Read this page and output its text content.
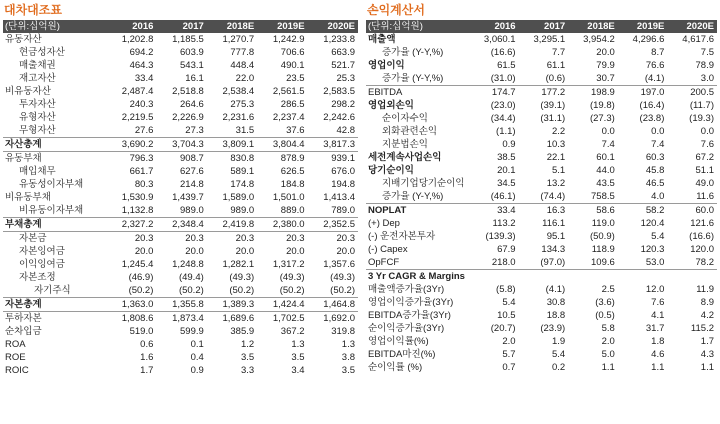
대차대조표
(단위:십억원)	2016	2017	2018E	2019E	2020E
유동자산	1,202.8	1,185.5	1,270.7	1,242.9	1,233.8
현금성자산	694.2	603.9	777.8	706.6	663.9
매출채권	464.3	543.1	448.4	490.1	521.7
재고자산	33.4	16.1	22.0	23.5	25.3
비유동자산	2,487.4	2,518.8	2,538.4	2,561.5	2,583.5
투자자산	240.3	264.6	275.3	286.5	298.2
유형자산	2,219.5	2,226.9	2,231.6	2,237.4	2,242.6
무형자산	27.6	27.3	31.5	37.6	42.8
자산총계	3,690.2	3,704.3	3,809.1	3,804.4	3,817.3
유동부채	796.3	908.7	830.8	878.9	939.1
매입채무	661.7	627.6	589.1	626.5	676.0
유동성이자부채	80.3	214.8	174.8	184.8	194.8
비유동부채	1,530.9	1,439.7	1,589.0	1,501.0	1,413.4
비유동이자부채	1,132.8	989.0	989.0	889.0	789.0
부채총계	2,327.2	2,348.4	2,419.8	2,380.0	2,352.5
자본금	20.3	20.3	20.3	20.3	20.3
자본잉여금	20.0	20.0	20.0	20.0	20.0
이익잉여금	1,245.4	1,248.8	1,282.1	1,317.2	1,357.6
자본조정	(46.9)	(49.4)	(49.3)	(49.3)	(49.3)
자기주식	(50.2)	(50.2)	(50.2)	(50.2)	(50.2)
자본총계	1,363.0	1,355.8	1,389.3	1,424.4	1,464.8
투하자본	1,808.6	1,873.4	1,689.6	1,702.5	1,692.0
순차입금	519.0	599.9	385.9	367.2	319.8
ROA	0.6	0.1	1.2	1.3	1.3
ROE	1.6	0.4	3.5	3.5	3.8
ROIC	1.7	0.9	3.3	3.4	3.5
손익계산서
(단위:십억원)	2016	2017	2018E	2019E	2020E
매출액	3,060.1	3,295.1	3,954.2	4,296.6	4,617.6
증가율 (Y-Y,%)	(16.6)	7.7	20.0	8.7	7.5
영업이익	61.5	61.1	79.9	76.6	78.9
증가율 (Y-Y,%)	(31.0)	(0.6)	30.7	(4.1)	3.0
EBITDA	174.7	177.2	198.9	197.0	200.5
영업외손익	(23.0)	(39.1)	(19.8)	(16.4)	(11.7)
순이자수익	(34.4)	(31.1)	(27.3)	(23.8)	(19.3)
외화관련손익	(1.1)	2.2	0.0	0.0	0.0
지분법손익	0.9	10.3	7.4	7.4	7.6
세전계속사업손익	38.5	22.1	60.1	60.3	67.2
당기순이익	20.1	5.1	44.0	45.8	51.1
지배기업당기순이익	34.5	13.2	43.5	46.5	49.0
증가율 (Y-Y,%)	(46.1)	(74.4)	758.5	4.0	11.6
NOPLAT	33.4	16.3	58.6	58.2	60.0
(+) Dep	113.2	116.1	119.0	120.4	121.6
(-) 운전자본투자	(139.3)	95.1	(50.9)	5.4	(16.6)
(-) Capex	67.9	134.3	118.9	120.3	120.0
OpFCF	218.0	(97.0)	109.6	53.0	78.2
3 Yr CAGR & Margins					
매출액증가율(3Yr)	(5.8)	(4.1)	2.5	12.0	11.9
영업이익증가율(3Yr)	5.4	30.8	(3.6)	7.6	8.9
EBITDA증가율(3Yr)	10.5	18.8	(0.5)	4.1	4.2
순이익증가율(3Yr)	(20.7)	(23.9)	5.8	31.7	115.2
영업이익률(%)	2.0	1.9	2.0	1.8	1.7
EBITDA마진(%)	5.7	5.4	5.0	4.6	4.3
순이익률 (%)	0.7	0.2	1.1	1.1	1.1
